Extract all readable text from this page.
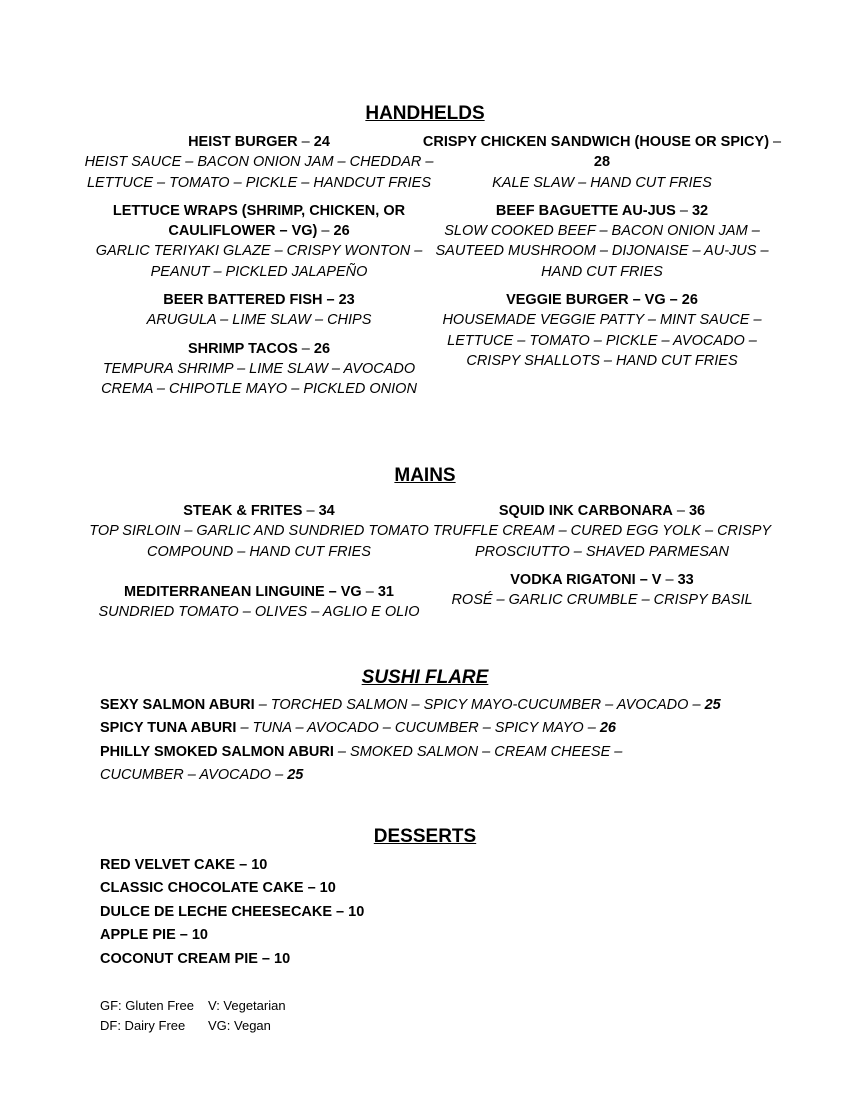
HANDHELDS
HEIST BURGER – 24
HEIST SAUCE – BACON ONION JAM – CHEDDAR – LETTUCE – TOMATO – PICKLE – HANDCUT FRIES
LETTUCE WRAPS (SHRIMP, CHICKEN, OR CAULIFLOWER – VG) – 26
GARLIC TERIYAKI GLAZE – CRISPY WONTON – PEANUT – PICKLED JALAPEÑO
BEER BATTERED FISH – 23
ARUGULA – LIME SLAW – CHIPS
SHRIMP TACOS – 26
TEMPURA SHRIMP – LIME SLAW – AVOCADO CREMA – CHIPOTLE MAYO – PICKLED ONION
CRISPY CHICKEN SANDWICH (HOUSE OR SPICY) – 28
KALE SLAW – HAND CUT FRIES
BEEF BAGUETTE AU-JUS – 32
SLOW COOKED BEEF – BACON ONION JAM – SAUTEED MUSHROOM – DIJONAISE – AU-JUS – HAND CUT FRIES
VEGGIE BURGER – VG – 26
HOUSEMADE VEGGIE PATTY – MINT SAUCE – LETTUCE – TOMATO – PICKLE – AVOCADO – CRISPY SHALLOTS – HAND CUT FRIES
MAINS
STEAK & FRITES – 34
TOP SIRLOIN – GARLIC AND SUNDRIED TOMATO COMPOUND – HAND CUT FRIES
MEDITERRANEAN LINGUINE – VG – 31
SUNDRIED TOMATO – OLIVES – AGLIO E OLIO
SQUID INK CARBONARA – 36
TRUFFLE CREAM – CURED EGG YOLK – CRISPY PROSCIUTTO – SHAVED PARMESAN
VODKA RIGATONI – V – 33
ROSÉ – GARLIC CRUMBLE – CRISPY BASIL
SUSHI FLARE
SEXY SALMON ABURI – TORCHED SALMON – SPICY MAYO-CUCUMBER – AVOCADO – 25
SPICY TUNA ABURI – TUNA – AVOCADO – CUCUMBER – SPICY MAYO – 26
PHILLY SMOKED SALMON ABURI – SMOKED SALMON – CREAM CHEESE – CUCUMBER – AVOCADO – 25
DESSERTS
RED VELVET CAKE – 10
CLASSIC CHOCOLATE CAKE – 10
DULCE DE LECHE CHEESECAKE – 10
APPLE PIE – 10
COCONUT CREAM PIE – 10
GF: Gluten Free V: Vegetarian
DF: Dairy Free VG: Vegan
